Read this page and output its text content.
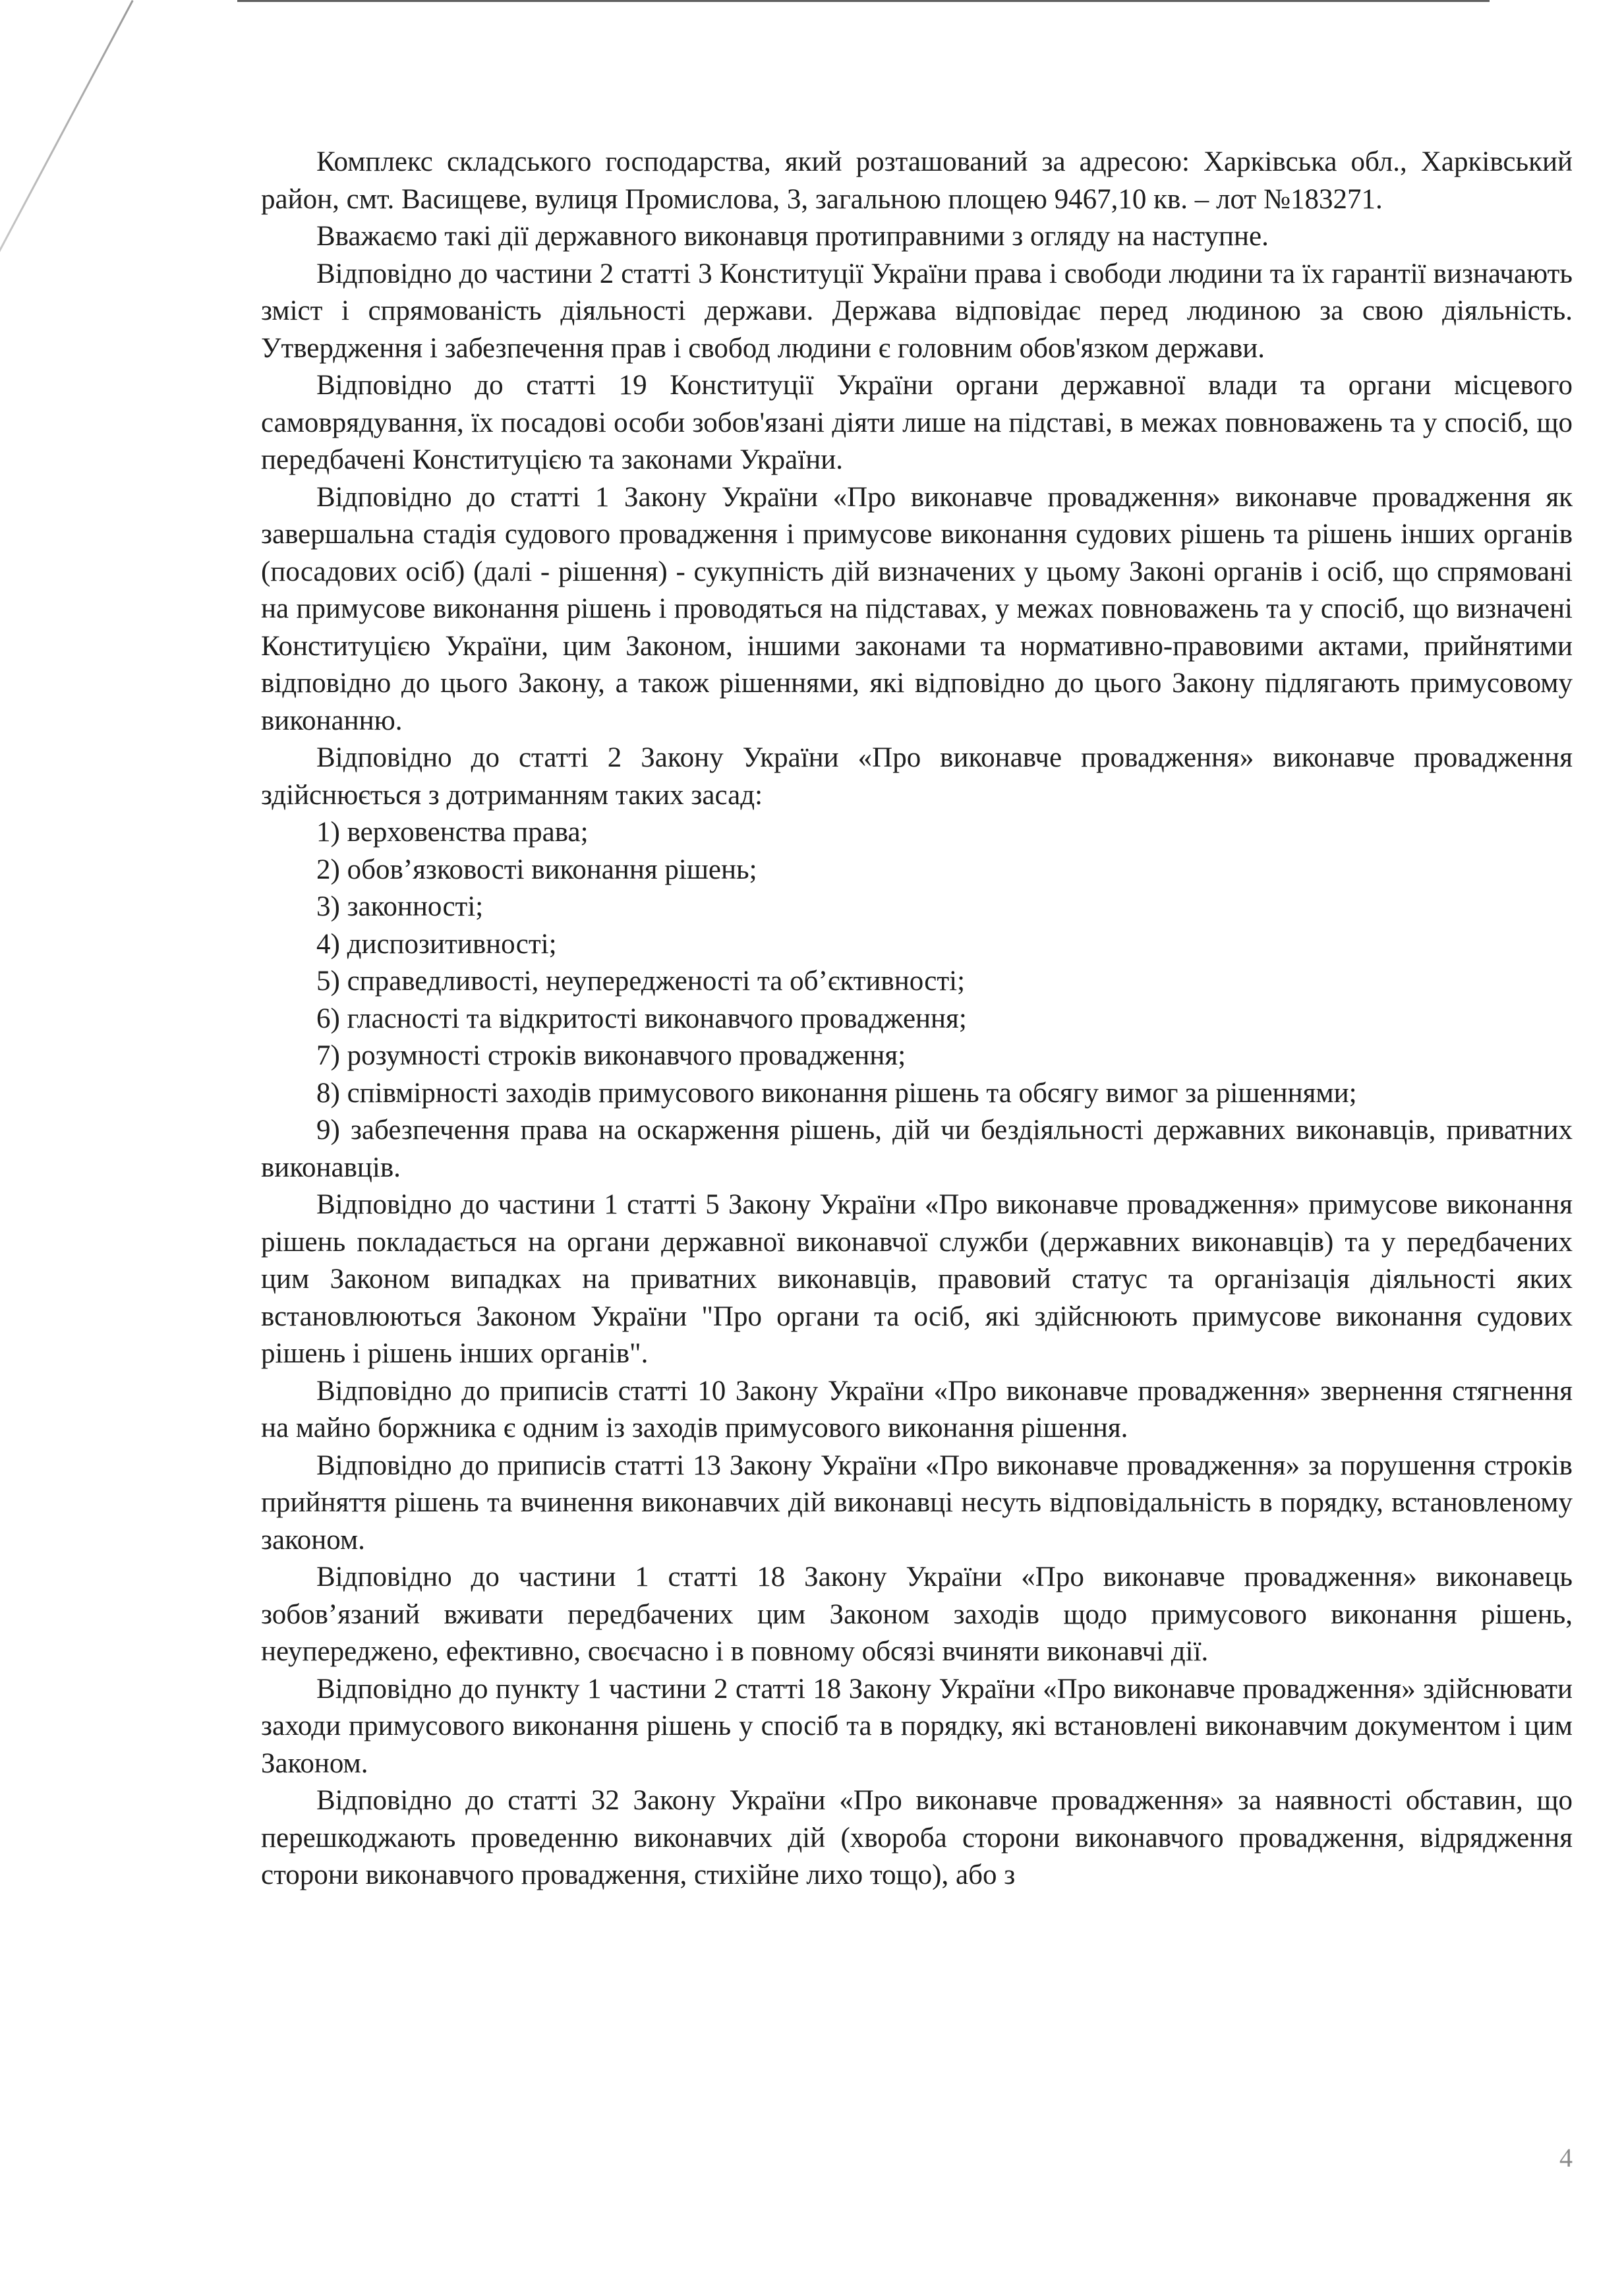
Комплекс складського господарства, який розташований за адресою: Харківська обл., Харківський район, смт. Васищеве, вулиця Промислова, 3, загальною площею 9467,10 кв. – лот №183271.

Вважаємо такі дії державного виконавця протиправними з огляду на наступне.

Відповідно до частини 2 статті 3 Конституції України права і свободи людини та їх гарантії визначають зміст і спрямованість діяльності держави. Держава відповідає перед людиною за свою діяльність. Утвердження і забезпечення прав і свобод людини є головним обов'язком держави.

Відповідно до статті 19 Конституції України органи державної влади та органи місцевого самоврядування, їх посадові особи зобов'язані діяти лише на підставі, в межах повноважень та у спосіб, що передбачені Конституцією та законами України.

Відповідно до статті 1 Закону України «Про виконавче провадження» виконавче провадження як завершальна стадія судового провадження і примусове виконання судових рішень та рішень інших органів (посадових осіб) (далі - рішення) - сукупність дій визначених у цьому Законі органів і осіб, що спрямовані на примусове виконання рішень і проводяться на підставах, у межах повноважень та у спосіб, що визначені Конституцією України, цим Законом, іншими законами та нормативно-правовими актами, прийнятими відповідно до цього Закону, а також рішеннями, які відповідно до цього Закону підлягають примусовому виконанню.

Відповідно до статті 2 Закону України «Про виконавче провадження» виконавче провадження здійснюється з дотриманням таких засад:

1) верховенства права;

2) обов’язковості виконання рішень;

3) законності;

4) диспозитивності;

5) справедливості, неупередженості та об’єктивності;

6) гласності та відкритості виконавчого провадження;

7) розумності строків виконавчого провадження;

8) співмірності заходів примусового виконання рішень та обсягу вимог за рішеннями;

9) забезпечення права на оскарження рішень, дій чи бездіяльності державних виконавців, приватних виконавців.

Відповідно до частини 1 статті 5 Закону України «Про виконавче провадження» примусове виконання рішень покладається на органи державної виконавчої служби (державних виконавців) та у передбачених цим Законом випадках на приватних виконавців, правовий статус та організація діяльності яких встановлюються Законом України "Про органи та осіб, які здійснюють примусове виконання судових рішень і рішень інших органів".

Відповідно до приписів статті 10 Закону України «Про виконавче провадження» звернення стягнення на майно боржника є одним із заходів примусового виконання рішення.

Відповідно до приписів статті 13 Закону України «Про виконавче провадження» за порушення строків прийняття рішень та вчинення виконавчих дій виконавці несуть відповідальність в порядку, встановленому законом.

Відповідно до частини 1 статті 18 Закону України «Про виконавче провадження» виконавець зобов’язаний вживати передбачених цим Законом заходів щодо примусового виконання рішень, неупереджено, ефективно, своєчасно і в повному обсязі вчиняти виконавчі дії.

Відповідно до пункту 1 частини 2 статті 18 Закону України «Про виконавче провадження» здійснювати заходи примусового виконання рішень у спосіб та в порядку, які встановлені виконавчим документом і цим Законом.

Відповідно до статті 32 Закону України «Про виконавче провадження» за наявності обставин, що перешкоджають проведенню виконавчих дій (хвороба сторони виконавчого провадження, відрядження сторони виконавчого провадження, стихійне лихо тощо), або з

4
